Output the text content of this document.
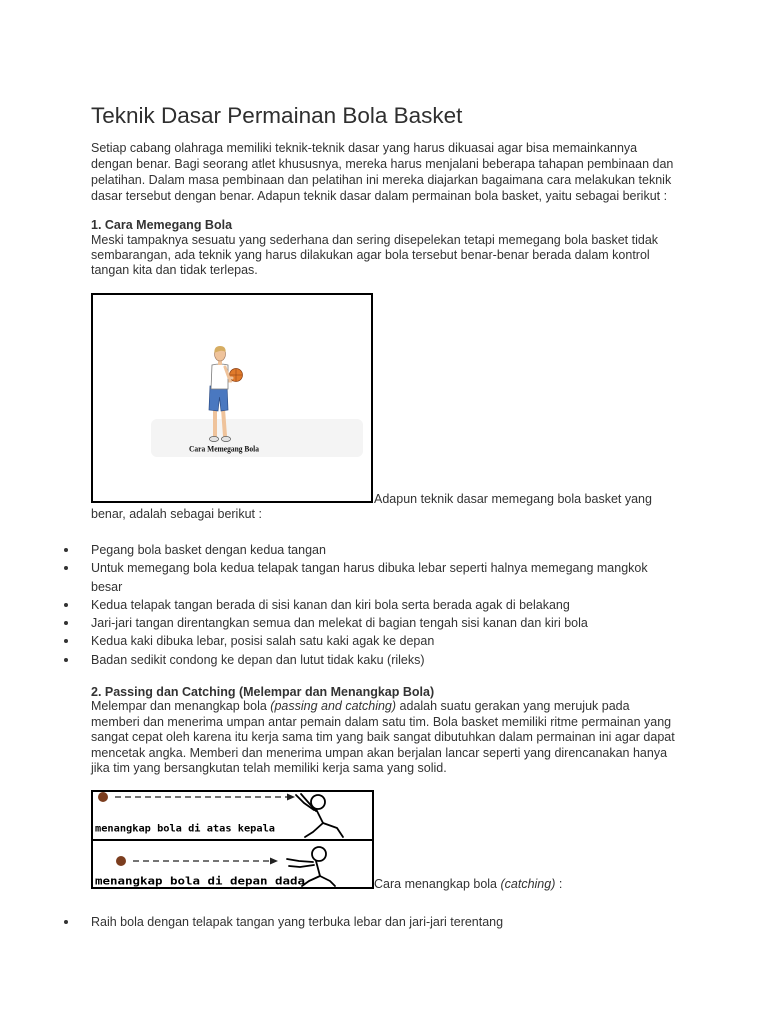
Teknik Dasar Permainan Bola Basket

Setiap cabang olahraga memiliki teknik-teknik dasar yang harus dikuasai agar bisa memainkannya
dengan benar. Bagi seorang atlet khususnya, mereka harus menjalani beberapa tahapan pembinaan dan
pelatihan. Dalam masa pembinaan dan pelatihan ini mereka diajarkan bagaimana cara melakukan teknik
dasar tersebut dengan benar. Adapun teknik dasar dalam permainan bola basket, yaitu sebagai berikut :

1. Cara Memegang Bola

Meski tampaknya sesuatu yang sederhana dan sering disepelekan tetapi memegang bola basket tidak
sembarangan, ada teknik yang harus dilakukan agar bola tersebut benar-benar berada dalam kontrol
tangan kita dan tidak terlepas.

Cara Memegang Bola
Adapun teknik dasar memegang bola basket yang
benar, adalah sebagai berikut :
Pegang bola basket dengan kedua tangan
Untuk memegang bola kedua telapak tangan harus dibuka lebar seperti halnya memegang mangkok
besar
Kedua telapak tangan berada di sisi kanan dan kiri bola serta berada agak di belakang
Jari-jari tangan direntangkan semua dan melekat di bagian tengah sisi kanan dan kiri bola
Kedua kaki dibuka lebar, posisi salah satu kaki agak ke depan
Badan sedikit condong ke depan dan lutut tidak kaku (rileks)
2. Passing dan Catching (Melempar dan Menangkap Bola)

Melempar dan menangkap bola (passing and catching) adalah suatu gerakan yang merujuk pada
memberi dan menerima umpan antar pemain dalam satu tim. Bola basket memiliki ritme permainan yang
sangat cepat oleh karena itu kerja sama tim yang baik sangat dibutuhkan dalam permainan ini agar dapat
mencetak angka. Memberi dan menerima umpan akan berjalan lancar seperti yang direncanakan hanya
jika tim yang bersangkutan telah memiliki kerja sama yang solid.

menangkap bola di atas kepala
menangkap bola di depan dada	Cara menangkap bola (catching) :
Raih bola dengan telapak tangan yang terbuka lebar dan jari-jari terentang
